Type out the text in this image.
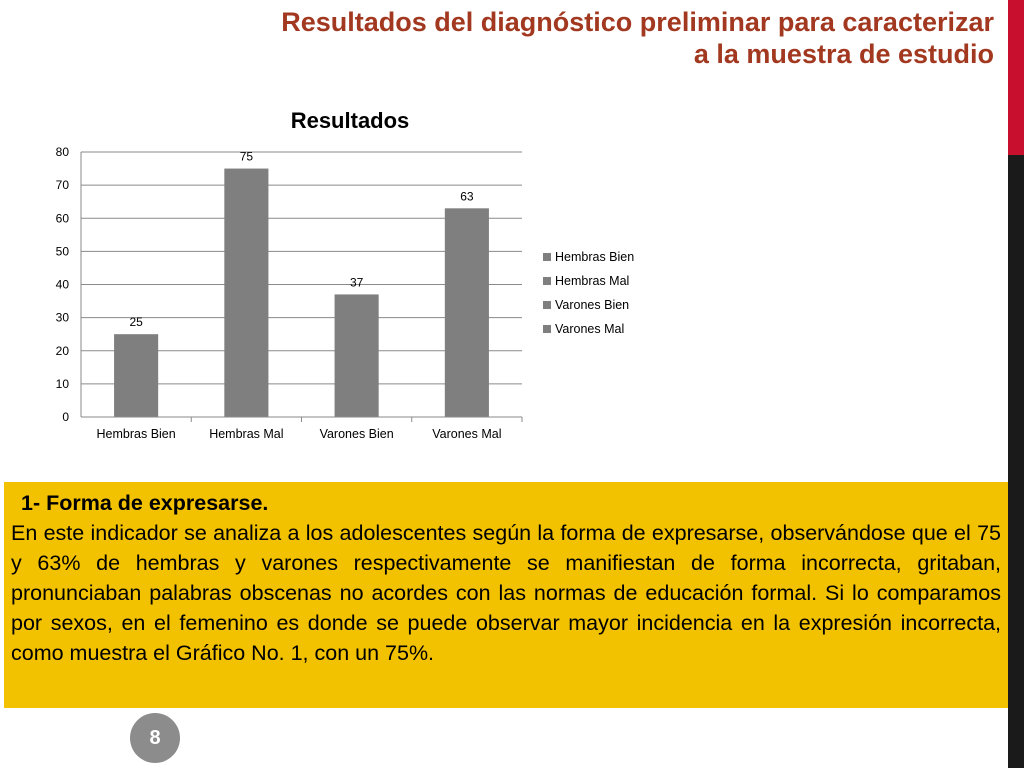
Resultados del diagnóstico preliminar para caracterizar
a la muestra de estudio
Resultados
25
75
37
63
0
10
20
30
40
50
60
70
80
Hembras Bien	Hembras Mal	Varones Bien	Varones Mal
Hembras Bien
Hembras Mal
Varones Bien
Varones Mal

1- Forma de expresarse.

En este indicador se analiza a los adolescentes según la forma de expresarse, observándose que el 75 y 63% de hembras y varones respectivamente se manifiestan de forma incorrecta, gritaban, pronunciaban palabras obscenas no acordes con las normas de educación formal. Si lo comparamos por sexos, en el femenino es donde se puede observar mayor incidencia en la expresión incorrecta, como muestra el Gráfico No. 1, con un 75%.

8
